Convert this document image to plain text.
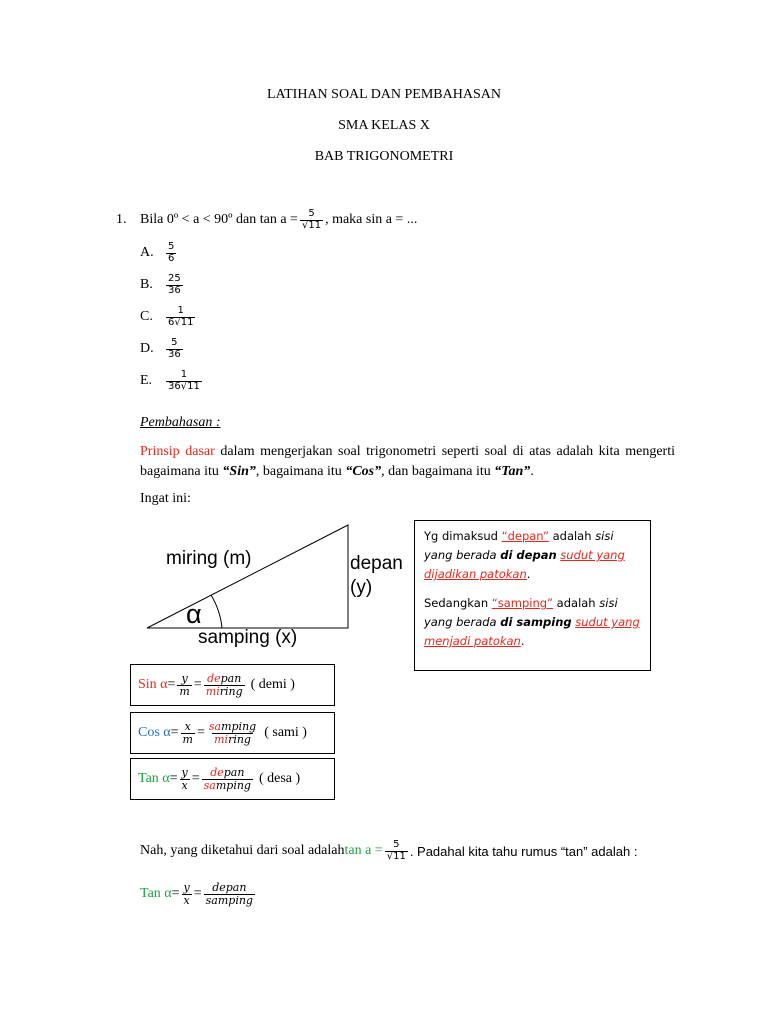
LATIHAN SOAL DAN PEMBAHASAN
SMA KELAS X
BAB TRIGONOMETRI
1. Bila 0º < a < 90º dan $\tan a = \frac{5}{√11}$ , maka sin a = ...
A.	$\frac{5}{6}$
B.	$\frac{25}{36}$
C.	$\frac{1}{6√11}$
D.	$\frac{5}{36}$
E.	$\frac{1}{36√11}$
Pembahasan :
Prinsip dasar dalam mengerjakan soal trigonometri seperti soal di atas adalah kita mengerti bagaimana itu “Sin”, bagaimana itu “Cos”, dan bagaimana itu “Tan”.
Ingat ini:
miring (m)	depan
(y)
samping (x)
α

Yg dimaksud “depan” adalah sisi yang berada di depan sudut yang dijadikan patokan.

Sedangkan “samping” adalah sisi yang berada di samping sudut yang menjadi patokan.

Sin $\alpha = \frac{y}{m} = \frac{\text{depan}}{\text{miring}}$ ( demi )
Cos $\alpha = \frac{x}{m} = \frac{\text{samping}}{\text{miring}}$ ( sami )
Tan $\alpha = \frac{y}{x} = \frac{\text{depan}}{\text{samping}}$ ( desa )
Nah, yang diketahui dari soal adalah $\tan a = \frac{5}{√11}$ . Padahal kita tahu rumus “tan” adalah :
Tan $\alpha = \frac{y}{x} = \frac{\text{depan}}{\text{samping}}$
